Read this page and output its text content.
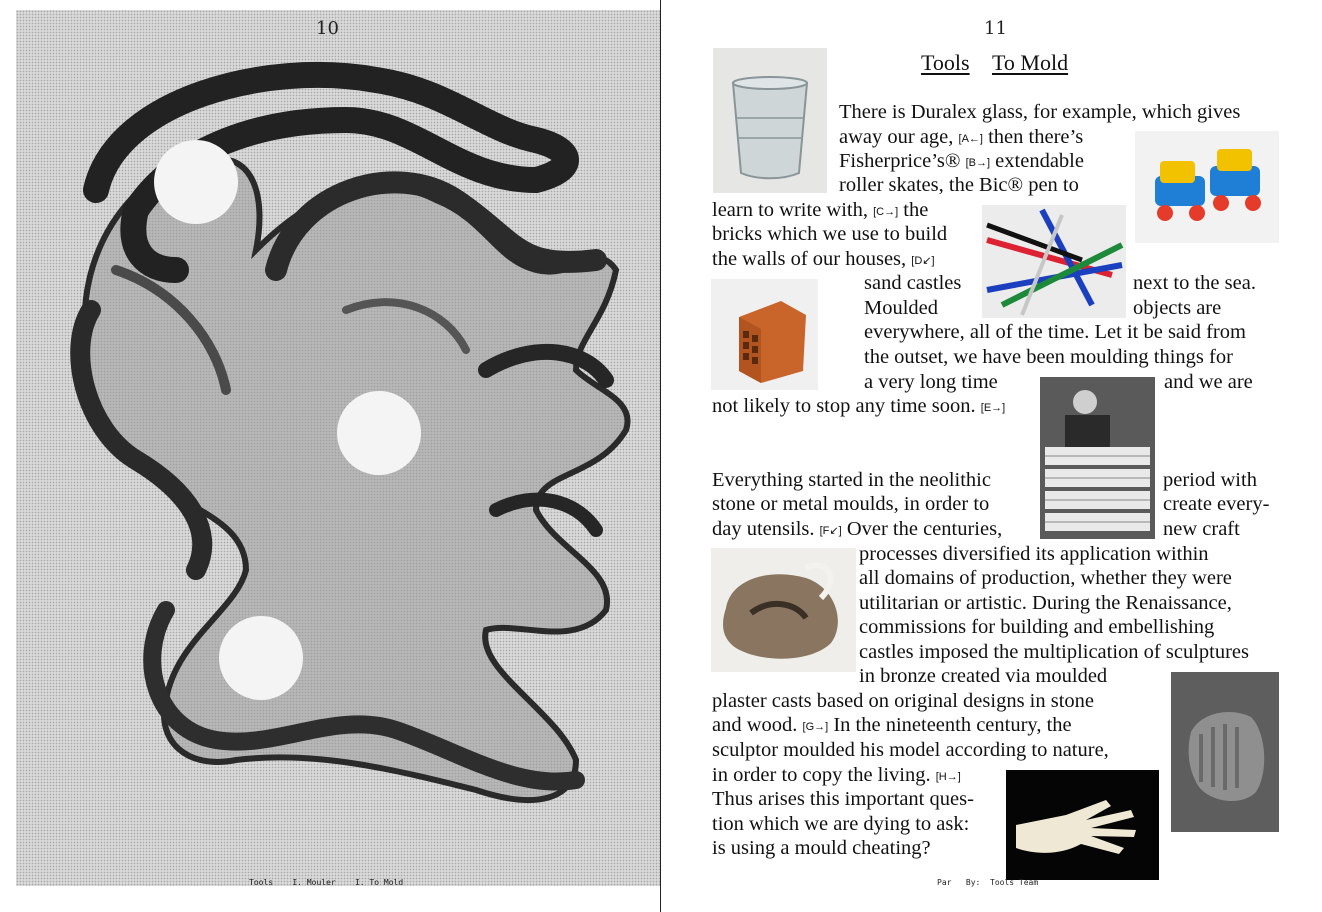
10
Tools I. Mouler I. To Mold
11
Tools To Mold
There is Duralex glass, for example, which gives
away our age, [A←] then there’s
Fisherprice’s® [B→] extendable
roller skates, the Bic® pen to
learn to write with, [C→] the
bricks which we use to build
the walls of our houses, [D↙]
sand castles	next to the sea.
Moulded	objects are
everywhere, all of the time. Let it be said from
the outset, we have been moulding things for
a very long time	and we are
not likely to stop any time soon. [E→]
Everything started in the neolithic	period with
stone or metal moulds, in order to	create every-
day utensils. [F↙] Over the centuries,	new craft
processes diversified its application within
all domains of production, whether they were
utilitarian or artistic. During the Renaissance,
commissions for building and embellishing
castles imposed the multiplication of sculptures
in bronze created via moulded
plaster casts based on original designs in stone
and wood. [G→] In the nineteenth century, the
sculptor moulded his model according to nature,
in order to copy the living. [H→]
Thus arises this important ques-
tion which we are dying to ask:
is using a mould cheating?
Par By: Tools Team
